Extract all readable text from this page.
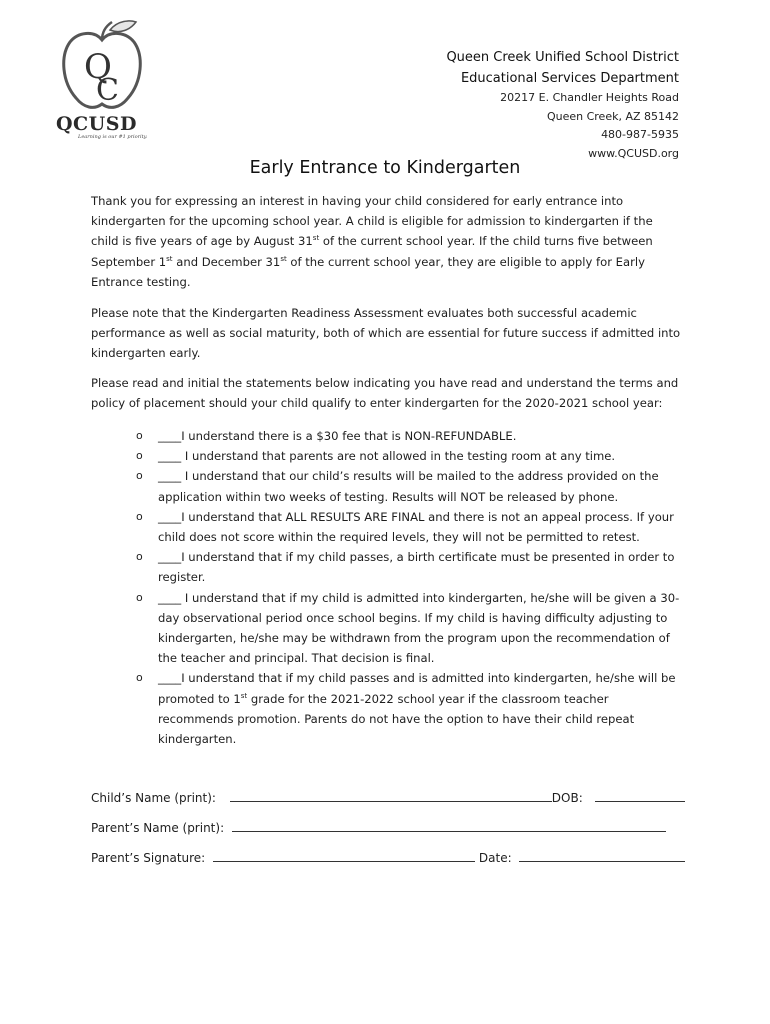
Q
C
QCUSD
Learning is our #1 priority.
Queen Creek Unified School District
Educational Services Department
20217 E. Chandler Heights Road
Queen Creek, AZ 85142
480-987-5935
www.QCUSD.org
Early Entrance to Kindergarten
Thank you for expressing an interest in having your child considered for early entrance into kindergarten for the upcoming school year. A child is eligible for admission to kindergarten if the child is five years of age by August 31st of the current school year. If the child turns five between September 1st and December 31st of the current school year, they are eligible to apply for Early Entrance testing.
Please note that the Kindergarten Readiness Assessment evaluates both successful academic performance as well as social maturity, both of which are essential for future success if admitted into kindergarten early.
Please read and initial the statements below indicating you have read and understand the terms and policy of placement should your child qualify to enter kindergarten for the 2020-2021 school year:
o ____I understand there is a $30 fee that is NON-REFUNDABLE.
o ____ I understand that parents are not allowed in the testing room at any time.
o ____ I understand that our child’s results will be mailed to the address provided on the application within two weeks of testing. Results will NOT be released by phone.
o ____I understand that ALL RESULTS ARE FINAL and there is not an appeal process. If your child does not score within the required levels, they will not be permitted to retest.
o ____I understand that if my child passes, a birth certificate must be presented in order to register.
o ____ I understand that if my child is admitted into kindergarten, he/she will be given a 30-day observational period once school begins. If my child is having difficulty adjusting to kindergarten, he/she may be withdrawn from the program upon the recommendation of the teacher and principal. That decision is final.
o ____I understand that if my child passes and is admitted into kindergarten, he/she will be promoted to 1st grade for the 2021-2022 school year if the classroom teacher recommends promotion. Parents do not have the option to have their child repeat kindergarten.
Child’s Name (print):	DOB:
Parent’s Name (print):
Parent’s Signature:	Date:
